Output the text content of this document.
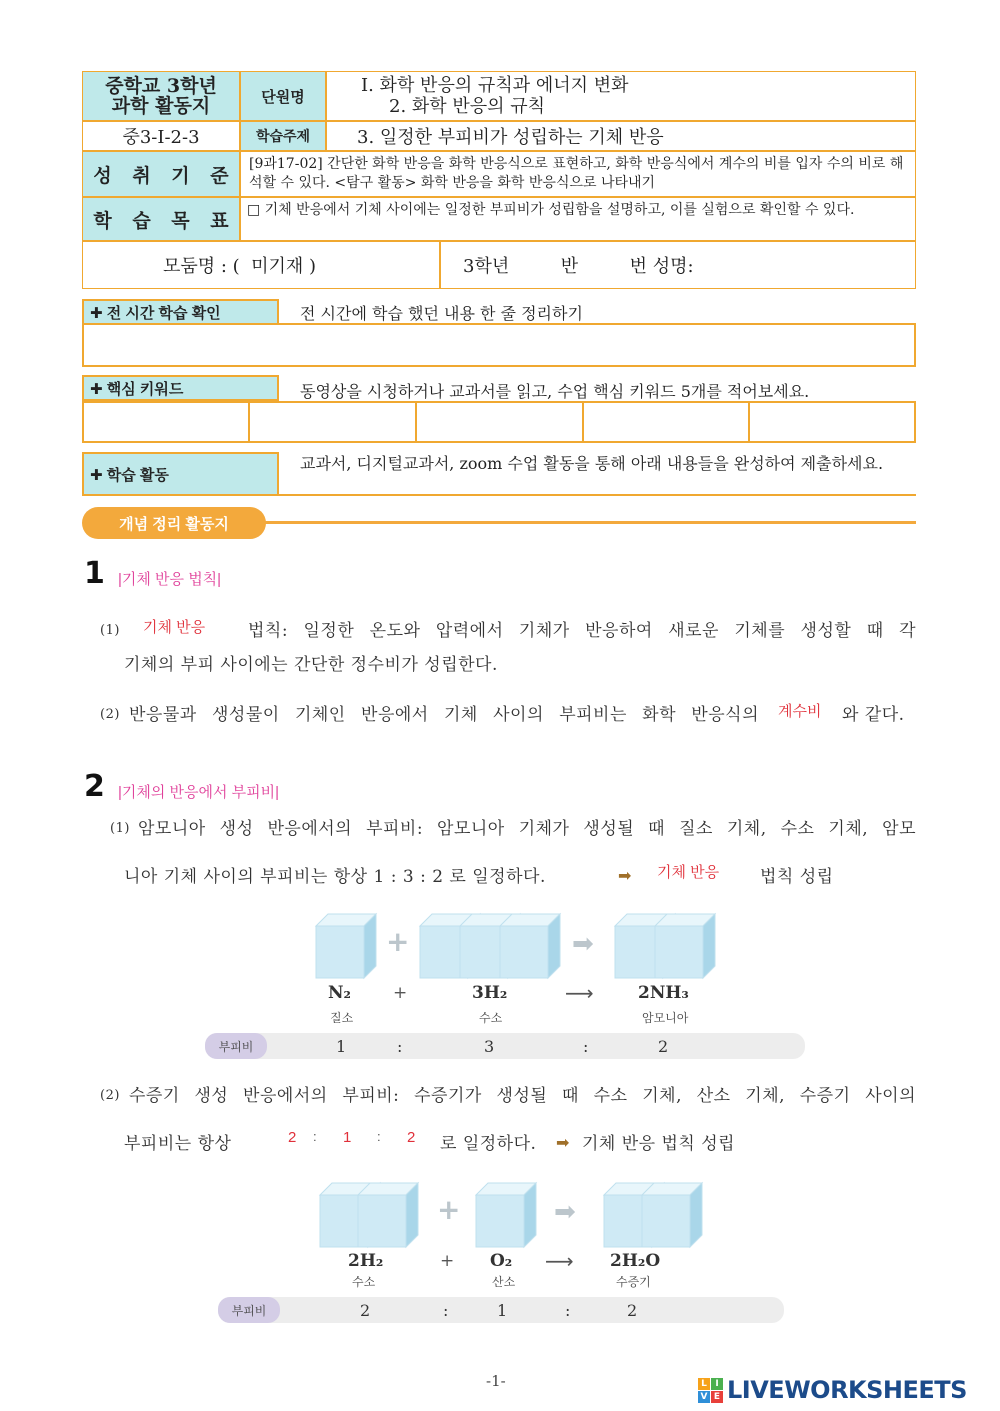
중학교 3학년
과학 활동지	단원명
Ⅰ. 화학 반응의 규칙과 에너지 변화
2. 화학 반응의 규칙
중3-Ⅰ-2-3	학습주제	3. 일정한 부피비가 성립하는 기체 반응
성 취 기 준
[9과17-02] 간단한 화학 반응을 화학 반응식으로 표현하고, 화학 반응식에서 계수의 비를 입자 수의 비로 해석할 수 있다. <탐구 활동> 화학 반응을 화학 반응식으로 나타내기
학 습 목 표	□ 기체 반응에서 기체 사이에는 일정한 부피비가 성립함을 설명하고, 이를 실험으로 확인할 수 있다.
모둠명 : (  미기재 )	3학년         반         번 성명:
✚ 전 시간 학습 확인	전 시간에 학습 했던 내용 한 줄 정리하기
✚ 핵심 키워드	동영상을 시청하거나 교과서를 읽고, 수업 핵심 키워드 5개를 적어보세요.
✚ 학습 활동
교과서, 디지털교과서, zoom 수업 활동을 통해 아래 내용들을 완성하여 제출하세요.
개념 정리 활동지
1 |기체 반응 법칙|
(1) 기체 반응	법칙: 일정한 온도와 압력에서 기체가 반응하여 새로운 기체를 생성할 때 각
기체의 부피 사이에는 간단한 정수비가 성립한다.
(2) 반응물과 생성물이 기체인 반응에서 기체 사이의 부피비는 화학 반응식의 계수비 와 같다.
2 |기체의 반응에서 부피비|
(1) 암모니아 생성 반응에서의 부피비: 암모니아 기체가 생성될 때 질소 기체, 수소 기체, 암모
니아 기체 사이의 부피비는 항상 1 : 3 : 2 로 일정하다.	➡ 기체 반응 법칙 성립
+	➡
N₂
질소
+	3H₂
수소
⟶	2NH₃
암모니아
부피비	1	:	3	:	2
(2) 수증기 생성 반응에서의 부피비: 수증기가 생성될 때 수소 기체, 산소 기체, 수증기 사이의
부피비는 항상	2 : 1 : 2 로 일정하다. ➡ 기체 반응 법칙 성립
+	➡
2H₂
수소
+ O₂
산소
⟶ 2H₂O
수증기
부피비	2	:	1	:	2
-1-	L I
V E LIVEWORKSHEETS
